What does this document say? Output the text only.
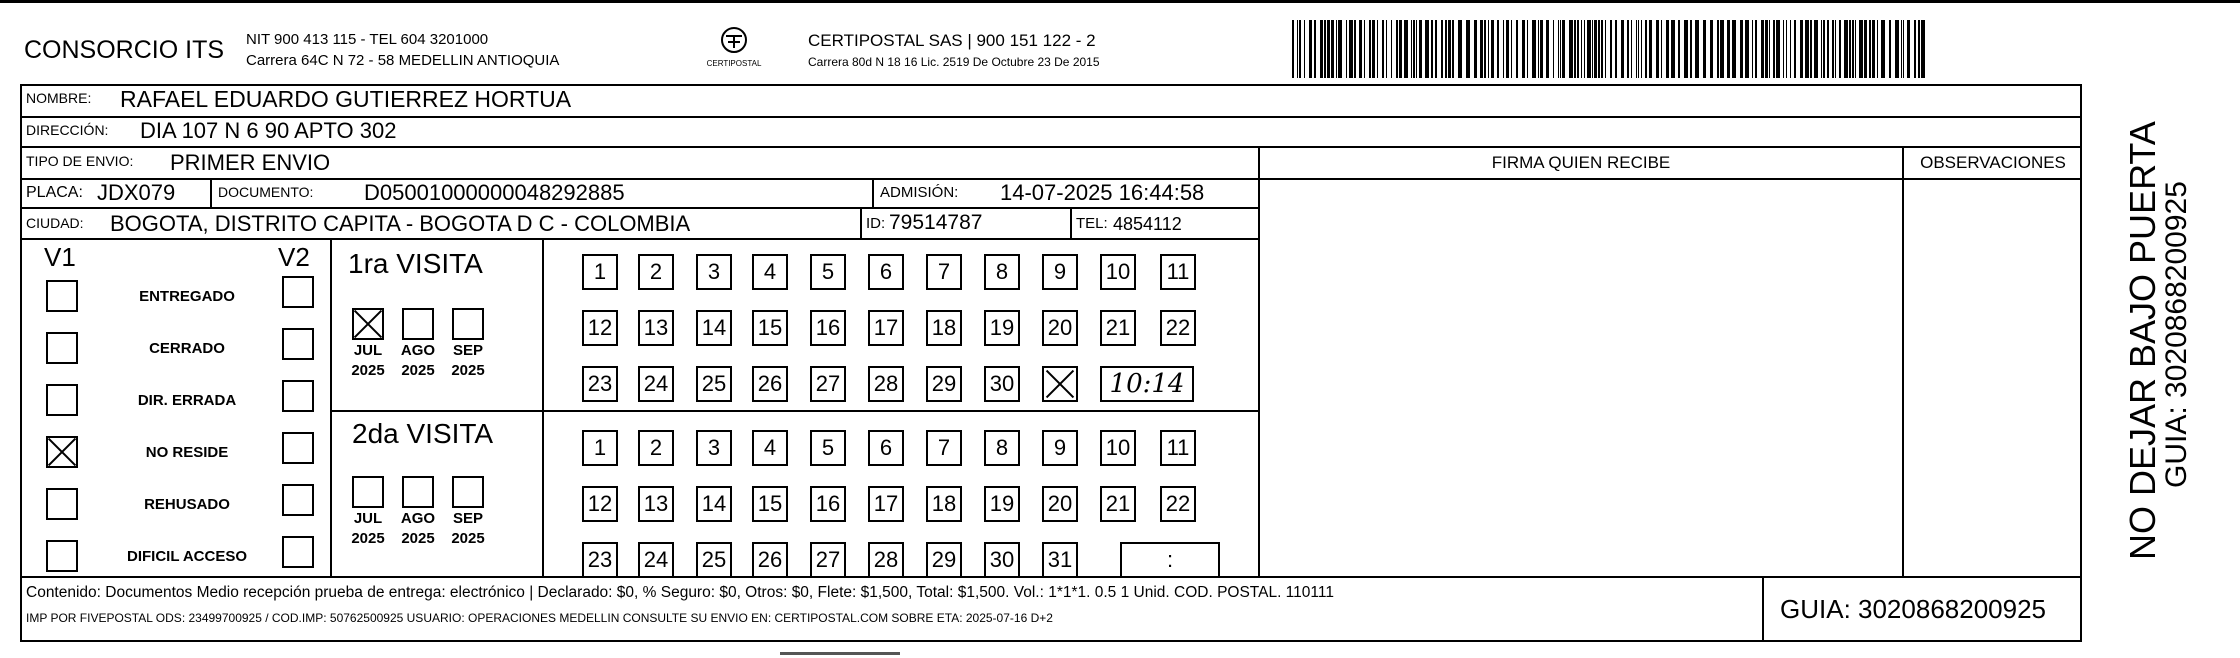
CONSORCIO ITS NIT 900 413 115 - TEL 604 3201000
Carrera 64C N 72 - 58 MEDELLIN ANTIOQUIA	CERTIPOSTAL
CERTIPOSTAL SAS | 900 151 122 - 2
Carrera 80d N 18 16 Lic. 2519 De Octubre 23 De 2015
NOMBRE: RAFAEL EDUARDO GUTIERREZ HORTUA
DIRECCIÓN: DIA 107 N 6 90 APTO 302
TIPO DE ENVIO: PRIMER ENVIO	FIRMA QUIEN RECIBE	OBSERVACIONES
PLACA: JDX079	DOCUMENTO: D05001000000048292885	ADMISIÓN: 14-07-2025 16:44:58
CIUDAD: BOGOTA, DISTRITO CAPITA - BOGOTA D C - COLOMBIA	ID: 79514787	TEL: 4854112
V1	V2
ENTREGADO
CERRADO
DIR. ERRADA
NO RESIDE
REHUSADO
DIFICIL ACCESO
1ra VISITA
JUL
2025
AGO
2025
SEP
2025
2da VISITA
JUL
2025
AGO
2025
SEP
2025
1	2	3	4	5	6	7	8	9	10 11
12 13 14 15 16 17 18 19 20 21 22
23 24 25 26 27 28 29 30	10:14
1	2	3	4	5	6	7	8	9	10 11
12 13 14 15 16 17 18 19 20 21 22
23 24 25 26 27 28 29 30 31	:
Contenido: Documentos Medio recepción prueba de entrega: electrónico | Declarado: $0, % Seguro: $0, Otros: $0, Flete: $1,500, Total: $1,500. Vol.: 1*1*1. 0.5 1 Unid. COD. POSTAL. 110111
IMP POR FIVEPOSTAL ODS: 23499700925 / COD.IMP: 50762500925 USUARIO: OPERACIONES MEDELLIN CONSULTE SU ENVIO EN: CERTIPOSTAL.COM SOBRE ETA: 2025-07-16 D+2	GUIA: 3020868200925
NO DEJAR BAJO PUERTA
GUIA: 3020868200925
